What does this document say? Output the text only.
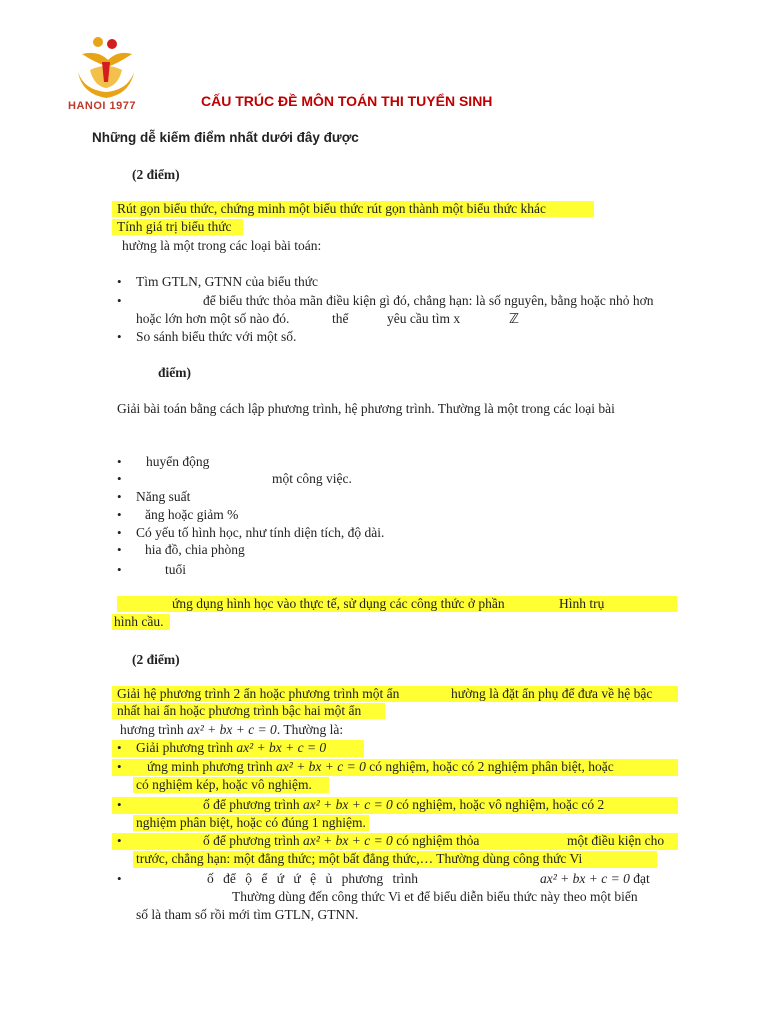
HANOI 1977	CẤU TRÚC ĐỀ MÔN TOÁN THI TUYỂN SINH
Những dễ kiếm điểm nhất dưới đây được
(2 điểm)
Rút gọn biểu thức, chứng minh một biểu thức rút gọn thành một biểu thức khác
Tính giá trị biểu thức
hường là một trong các loại bài toán:
• Tìm GTLN, GTNN của biểu thức
•	để biểu thức thỏa mãn điều kiện gì đó, chẳng hạn: là số nguyên, bằng hoặc nhỏ hơn
hoặc lớn hơn một số nào đó.	thể	yêu cầu tìm x	ℤ
• So sánh biểu thức với một số.
điểm)
Giải bài toán bằng cách lập phương trình, hệ phương trình. Thường là một trong các loại bài
• huyển động
•	một công việc.
• Năng suất
• ăng hoặc giảm %
• Có yếu tố hình học, như tính diện tích, độ dài.
• hia đồ, chia phòng
•	tuổi
ứng dụng hình học vào thực tế, sử dụng các công thức ở phần	Hình trụ
hình cầu.
(2 điểm)
Giải hệ phương trình 2 ẩn hoặc phương trình một ẩn	hường là đặt ẩn phụ để đưa về hệ bậc
nhất hai ẩn hoặc phương trình bậc hai một ẩn
hương trình ax² + bx + c = 0. Thường là:
• Giải phương trình ax² + bx + c = 0
• ứng minh phương trình ax² + bx + c = 0 có nghiệm, hoặc có 2 nghiệm phân biệt, hoặc
có nghiệm kép, hoặc vô nghiệm.
•	ố để phương trình ax² + bx + c = 0 có nghiệm, hoặc vô nghiệm, hoặc có 2
nghiệm phân biệt, hoặc có đúng 1 nghiệm.
•	ố để phương trình ax² + bx + c = 0 có nghiệm thỏa	một điều kiện cho
trước, chẳng hạn: một đẳng thức; một bất đẳng thức,… Thường dùng công thức Vi
•	ố để ộ ể ứ ứ ệ ủ phương trình	ax² + bx + c = 0 đạt
Thường dùng đến công thức Vi et để biểu diễn biểu thức này theo một biến
số là tham số rồi mới tìm GTLN, GTNN.
